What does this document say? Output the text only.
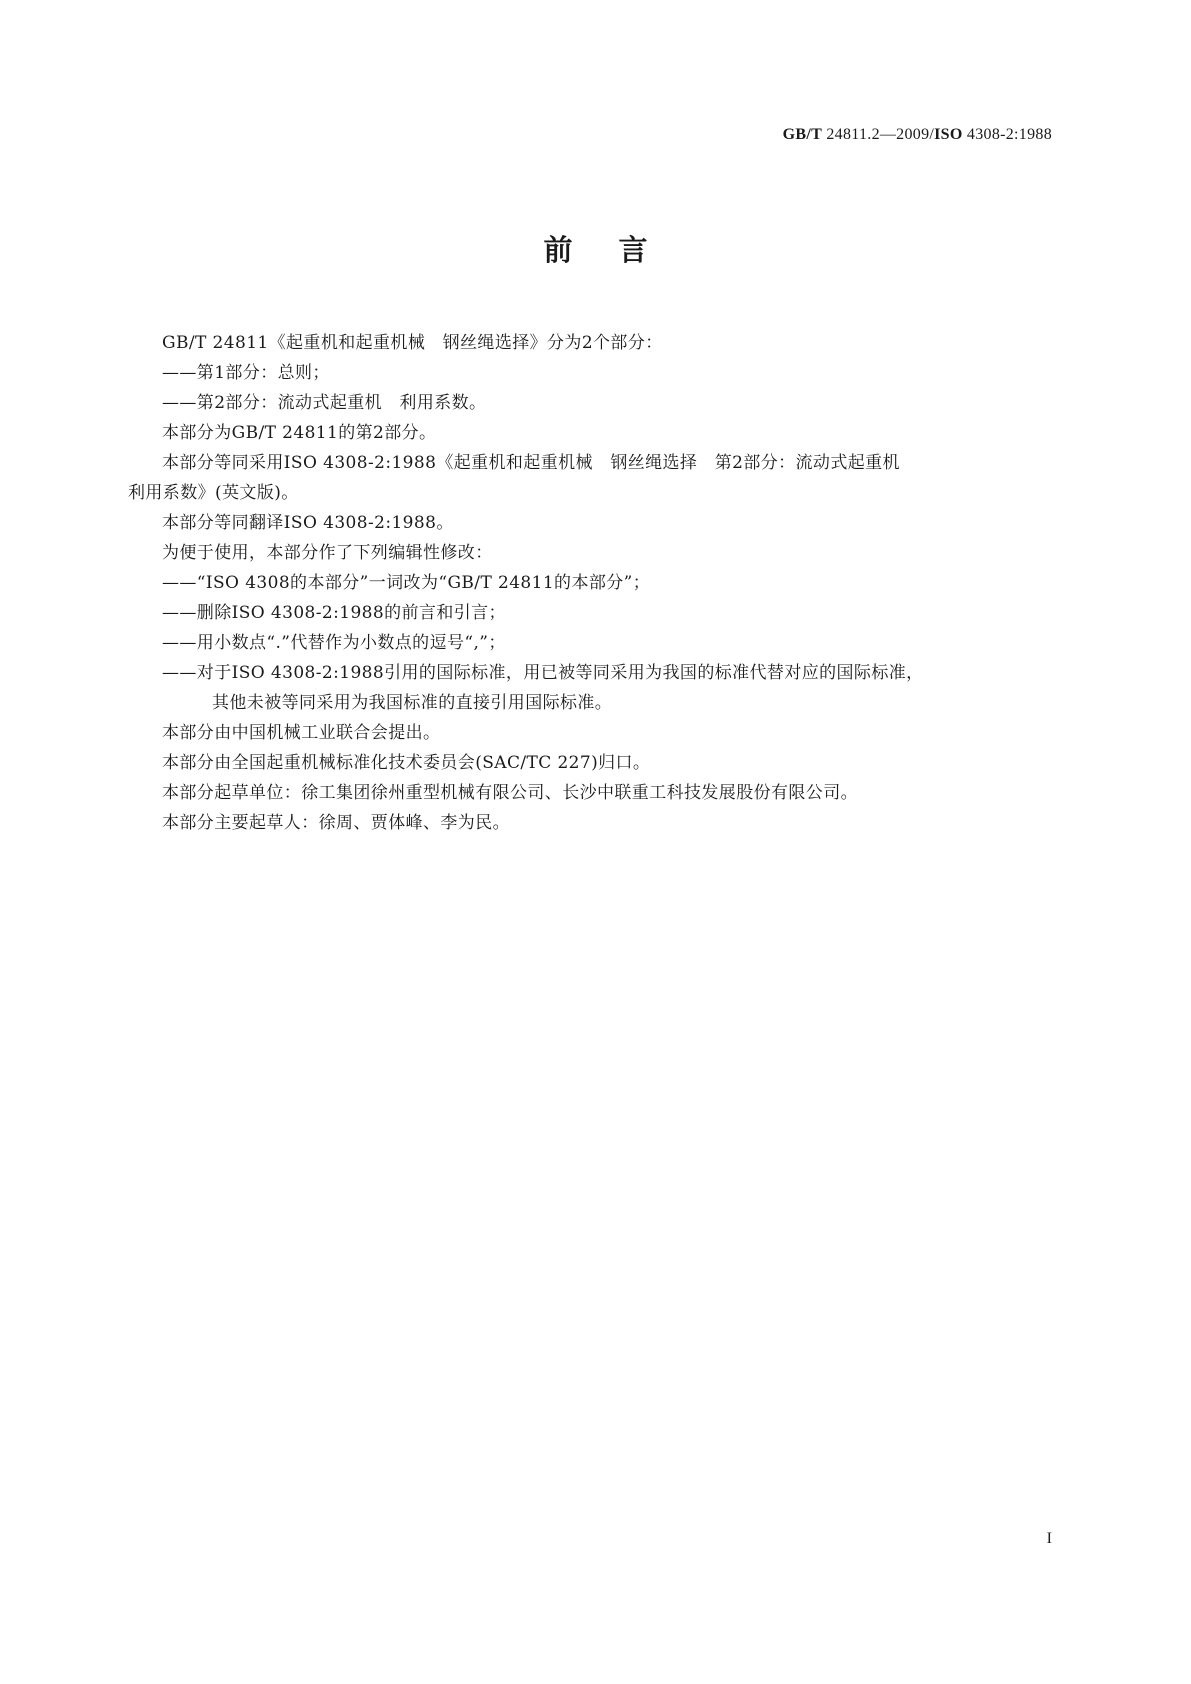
GB/T 24811.2—2009/ISO 4308-2:1988
前言

GB/T 24811《起重机和起重机械　钢丝绳选择》分为2个部分：

——第1部分：总则；

——第2部分：流动式起重机　利用系数。

本部分为GB/T 24811的第2部分。

本部分等同采用ISO 4308-2:1988《起重机和起重机械　钢丝绳选择　第2部分：流动式起重机

利用系数》(英文版)。

本部分等同翻译ISO 4308-2:1988。

为便于使用，本部分作了下列编辑性修改：

——“ISO 4308的本部分”一词改为“GB/T 24811的本部分”；

——删除ISO 4308-2:1988的前言和引言；

——用小数点“.”代替作为小数点的逗号“,”；

——对于ISO 4308-2:1988引用的国际标准，用已被等同采用为我国的标准代替对应的国际标准，

其他未被等同采用为我国标准的直接引用国际标准。

本部分由中国机械工业联合会提出。

本部分由全国起重机械标准化技术委员会(SAC/TC 227)归口。

本部分起草单位：徐工集团徐州重型机械有限公司、长沙中联重工科技发展股份有限公司。

本部分主要起草人：徐周、贾体峰、李为民。

I
